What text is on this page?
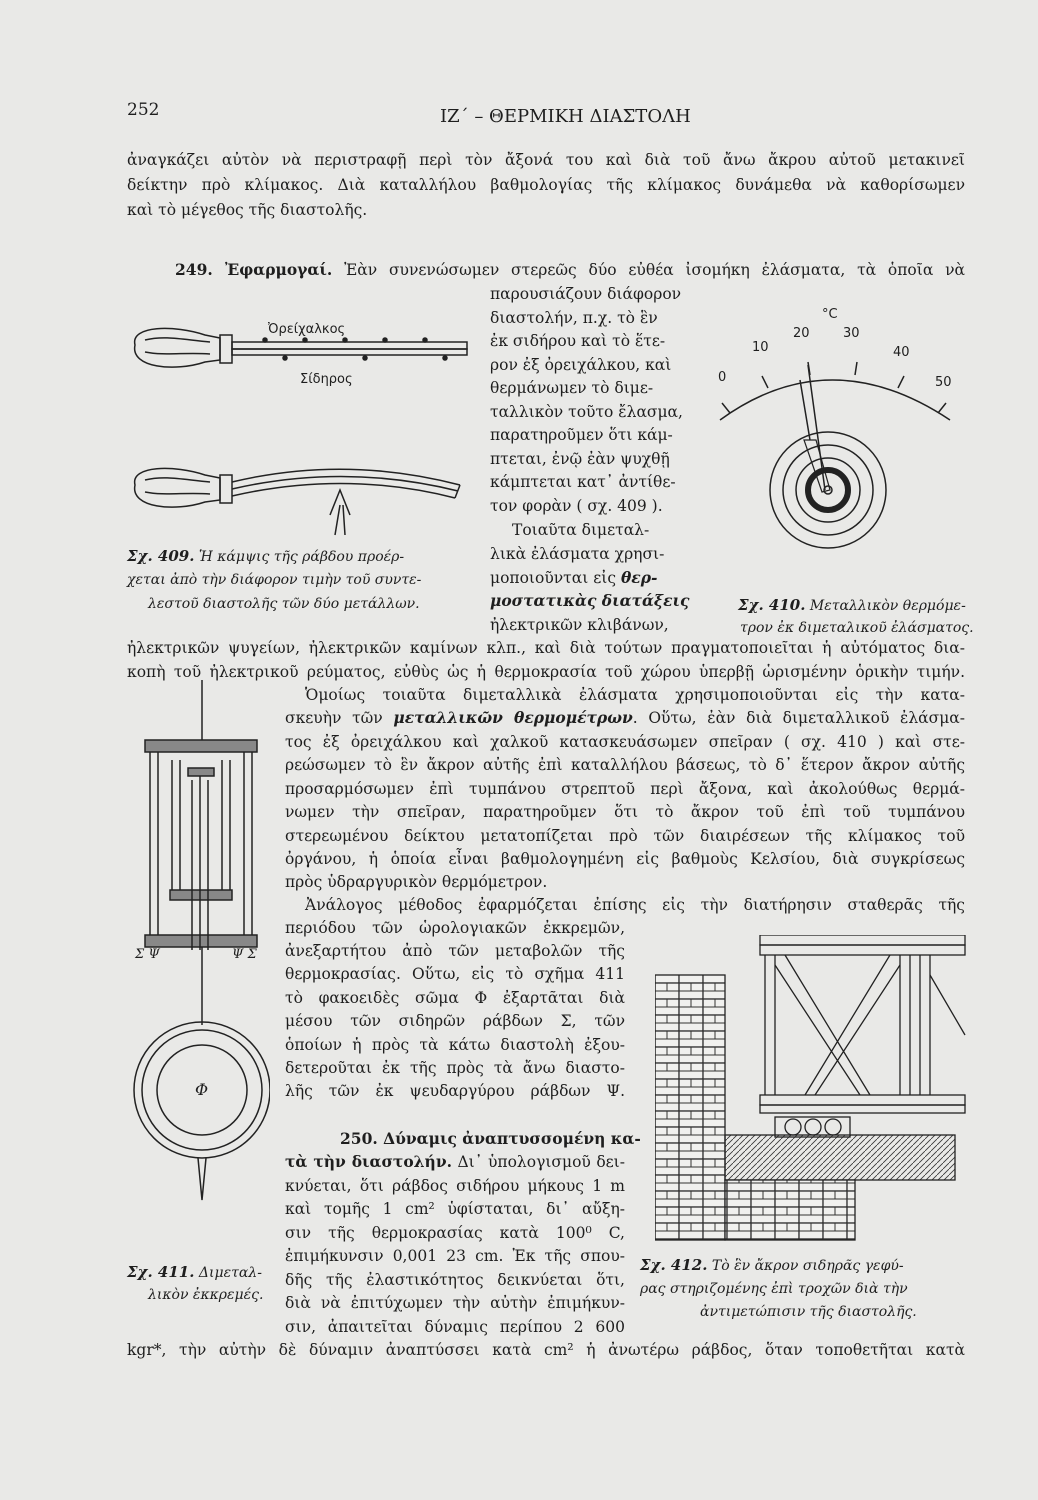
252	ΙΖ΄ – ΘΕΡΜΙΚΗ ΔΙΑΣΤΟΛΗ
ἀναγκάζει αὐτὸν νὰ περιστραφῇ περὶ τὸν ἄξονά του καὶ διὰ τοῦ ἄνω ἄκρου αὐτοῦ μετακινεῖ
δείκτην πρὸ κλίμακος. Διὰ καταλλήλου βαθμολογίας τῆς κλίμακος δυνάμεθα νὰ καθορίσωμεν
καὶ τὸ μέγεθος τῆς διαστολῆς.
249. Ἐφαρμογαί. Ἐὰν συνενώσωμεν στερεῶς δύο εὐθέα ἰσομήκη ἐλάσματα, τὰ ὁποῖα νὰ
παρουσιάζουν διάφορον
διαστολήν, π.χ. τὸ ἓν
ἐκ σιδήρου καὶ τὸ ἕτε-
ρον ἐξ ὀρειχάλκου, καὶ
θερμάνωμεν τὸ διμε-
ταλλικὸν τοῦτο ἔλασμα,
παρατηροῦμεν ὅτι κάμ-
πτεται, ἐνῷ ἐὰν ψυχθῇ
κάμπτεται κατ᾽ ἀντίθε-
τον φορὰν ( σχ. 409 ).
Τοιαῦτα διμεταλ-
λικὰ ἐλάσματα χρησι-
μοποιοῦνται εἰς θερ-
μοστατικὰς διατάξεις
ἠλεκτρικῶν κλιβάνων,
ἠλεκτρικῶν ψυγείων, ἠλεκτρικῶν καμίνων κλπ., καὶ διὰ τούτων πραγματοποιεῖται ἡ αὐτόματος δια-
κοπὴ τοῦ ἠλεκτρικοῦ ρεύματος, εὐθὺς ὡς ἡ θερμοκρασία τοῦ χώρου ὑπερβῇ ὡρισμένην ὁρικὴν τιμήν.
Ὁμοίως τοιαῦτα διμεταλλικὰ ἐλάσματα χρησιμοποιοῦνται εἰς τὴν κατα-
σκευὴν τῶν μεταλλικῶν θερμομέτρων. Οὕτω, ἐὰν διὰ διμεταλλικοῦ ἐλάσμα-
τος ἐξ ὀρειχάλκου καὶ χαλκοῦ κατασκευάσωμεν σπεῖραν ( σχ. 410 ) καὶ στε-
ρεώσωμεν τὸ ἓν ἄκρον αὐτῆς ἐπὶ καταλλήλου βάσεως, τὸ δ᾽ ἕτερον ἄκρον αὐτῆς
προσαρμόσωμεν ἐπὶ τυμπάνου στρεπτοῦ περὶ ἄξονα, καὶ ἀκολούθως θερμά-
νωμεν τὴν σπεῖραν, παρατηροῦμεν ὅτι τὸ ἄκρον τοῦ ἐπὶ τοῦ τυμπάνου
στερεωμένου δείκτου μετατοπίζεται πρὸ τῶν διαιρέσεων τῆς κλίμακος τοῦ
ὀργάνου, ἡ ὁποία εἶναι βαθμολογημένη εἰς βαθμοὺς Κελσίου, διὰ συγκρίσεως
πρὸς ὑδραργυρικὸν θερμόμετρον.
Ἀνάλογος μέθοδος ἐφαρμόζεται ἐπίσης εἰς τὴν διατήρησιν σταθερᾶς τῆς
περιόδου τῶν ὡρολογιακῶν ἐκκρεμῶν,
ἀνεξαρτήτου ἀπὸ τῶν μεταβολῶν τῆς
θερμοκρασίας. Οὕτω, εἰς τὸ σχῆμα 411
τὸ φακοειδὲς σῶμα Φ ἐξαρτᾶται διὰ
μέσου τῶν σιδηρῶν ράβδων Σ, τῶν
ὁποίων ἡ πρὸς τὰ κάτω διαστολὴ ἐξου-
δετεροῦται ἐκ τῆς πρὸς τὰ ἄνω διαστο-
λῆς τῶν ἐκ ψευδαργύρου ράβδων Ψ.
250. Δύναμις ἀναπτυσσομένη κα-
τὰ τὴν διαστολήν. Δι᾽ ὑπολογισμοῦ δει-
κνύεται, ὅτι ράβδος σιδήρου μήκους 1 m
καὶ τομῆς 1 cm² ὑφίσταται, δι᾽ αὔξη-
σιν τῆς θερμοκρασίας κατὰ 100⁰ C,
ἐπιμήκυνσιν 0,001 23 cm. Ἐκ τῆς σπου-
δῆς τῆς ἐλαστικότητος δεικνύεται ὅτι,
διὰ νὰ ἐπιτύχωμεν τὴν αὐτὴν ἐπιμήκυν-
σιν, ἀπαιτεῖται δύναμις περίπου 2 600
kgr*, τὴν αὐτὴν δὲ δύναμιν ἀναπτύσσει κατὰ cm² ἡ ἀνωτέρω ράβδος, ὅταν τοποθετῆται κατὰ
Ὀρείχαλκος
Σίδηρος
Σχ. 409. Ἡ κάμψις τῆς ράβδου προέρ-
χεται ἀπὸ τὴν διάφορον τιμὴν τοῦ συντε-
λεστοῦ διαστολῆς τῶν δύο μετάλλων.
°C
0
10
20	30
40
50
Σχ. 410. Μεταλλικὸν θερμόμε-
τρον ἐκ διμεταλικοῦ ἐλάσματος.
Σ Ψ	Ψ Σ
Φ
Σχ. 411. Διμεταλ-
λικὸν ἐκκρεμές.
Σχ. 412. Τὸ ἓν ἄκρον σιδηρᾶς γεφύ-
ρας στηριζομένης ἐπὶ τροχῶν διὰ τὴν
ἀντιμετώπισιν τῆς διαστολῆς.
